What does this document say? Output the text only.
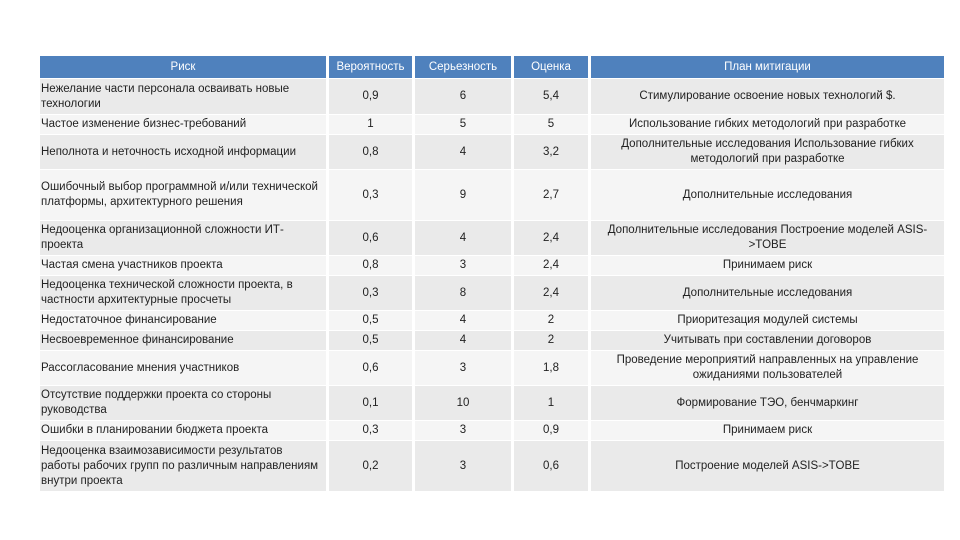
Риск	Вероятность	Серьезность	Оценка	План митигации
Нежелание части персонала осваивать новые технологии	0,9	6	5,4	Стимулирование освоение новых технологий $.
Частое изменение бизнес-требований	1	5	5	Использование гибких методологий при разработке
Неполнота и неточность исходной информации	0,8	4	3,2	Дополнительные исследования Использование гибких методологий при разработке
Ошибочный выбор программной и/или технической платформы, архитектурного решения	0,3	9	2,7	Дополнительные исследования
Недооценка организационной сложности ИТ-проекта	0,6	4	2,4	Дополнительные исследования Построение моделей ASIS->TOBE
Частая смена участников проекта	0,8	3	2,4	Принимаем риск
Недооценка технической сложности проекта, в частности архитектурные просчеты	0,3	8	2,4	Дополнительные исследования
Недостаточное финансирование	0,5	4	2	Приоритезация модулей системы
Несвоевременное финансирование	0,5	4	2	Учитывать при составлении договоров
Рассогласование мнения участников	0,6	3	1,8	Проведение мероприятий направленных на управление ожиданиями пользователей
Отсутствие поддержки проекта со стороны руководства	0,1	10	1	Формирование ТЭО, бенчмаркинг
Ошибки в планировании бюджета проекта	0,3	3	0,9	Принимаем риск
Недооценка взаимозависимости результатов работы рабочих групп по различным направлениям внутри проекта	0,2	3	0,6	Построение моделей ASIS->TOBE
